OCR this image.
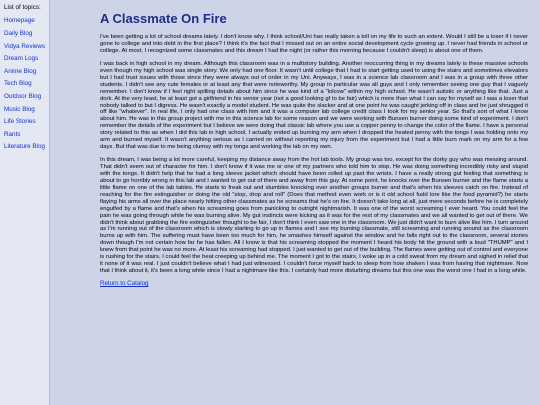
List of topics:
Homepage
Daily Blog
Vidya Reviews
Dream Logs
Anime Blog
Tech Blog
Outdoor Blog
Music Blog
Life Stories
Rants
Literature Blog
A Classmate On Fire

I've been getting a lot of school dreams lately. I don't know why. I think school/Uni has really taken a toll on my life to such an extent. Would I still be a loser if I never gone to college and into debt in the first place? I think it's the fact that I missed out on an entire social development cycle growing up. I never had friends in school or college. At most, I recognized some classmates and this dream I had the night (or rather this morning because I couldn't sleep) is about one of them.

I was back in high school in my dream. Although this classroom was in a multistory building. Another reoccurring thing in my dreams lately is these massive schools even though my high school was single story. We only had one floor. It wasn't until college that I had to start getting used to using the stairs and sometimes elevators but I had trust issues with those since they were always out of order in my Uni. Anyways, I was in a science lab classroom and I was in a group with three other students. I didn't see any cute females or at least any that were noteworthy. My group in particular was all guys and I only remember seeing one guy that I vaguely remember. I don't know if I feel right spilling details about him since he was kind of a "lolcow" within my high school. He wasn't autistic or anything like that. Just a dork. At the very least, he at least got a girlfriend in his senior year (not a good looking gf to be fair) which is more than what I can say for myself as I was a loser that nobody talked to but I digress. He wasn't exactly a model student. He was quite the slacker and at one point he was caught jerking off in class and he just shrugged it off like "whatever". In real life, I only had one class with him and it was a computer lab college credit class I took for my senior year. So that's sort of what I know about him. He was in this group project with me in this science lab for some reason and we were working with Bunsen burner doing some kind of experiment. I don't remember the details of the experiment but I believe we were doing that classic lab where you use a copper penny to change the color of the flame. I have a personal story related to this as when I did this lab in high school, I actually ended up burning my arm when I dropped the heated penny with the tongs I was holding onto my arm and burned myself. It wasn't anything serious as I carried on without reporting my injury from the experiment but I had a little burn mark on my arm for a few days. But that was due to me being clumsy with my tongs and working the lab on my own.

In this dream, I was being a lot more careful, keeping my distance away from the hot lab tools. My group was too, except for the dorky guy who was messing around. That didn't seem out of character for him. I don't know if it was me or one of my partners who told him to stop. He was doing something incredibly risky and stupid with the tongs. It didn't help that he had a long sleeve jacket which should have been rolled up past the wrists. I have a really strong gut feeling that something is about to go horribly wrong in this lab and I wanted to get out of there and away from this guy. At some point, he knocks over the Bunsen burner and the flame starts a little flame on one of the lab tables. He starts to freak out and stumbles knocking over another groups burner and that's when his sleeves catch on fire. Instead of reaching for the fire extinguisher or doing the old "stop, drop and roll" (Does that method even work or is it old school fudd lore like the food pyramid?) he starts flaying his arms all over the place nearly hitting other classmates as he screams that he's on fire. It doesn't take long at all, just mere seconds before he is completely engulfed by a flame and that's when his screaming goes from panicking to outright nightmarish. It was one of the worst screaming I ever heard. You could feel the pain he was going through while he was burning alive. My gut instincts were kicking as it was for the rest of my classmates and we all wanted to get out of there. We didn't think about grabbing the fire extinguisher thought to be fair, I don't think I even saw one in the classroom. We just didn't want to burn alive like him. I turn around as I'm running out of the classroom which is slowly starting to go up in flames and I see my burning classmate, still screaming and running around as the classroom burns up with him. The suffering must have been too much for him, he smashes himself against the window and he falls right out to the classroom, several stories down though I'm not certain how far he has fallen. All I know is that his screaming stopped the moment I heard his body hit the ground with a loud "THUMP" and I knew from that point he was no more. At least his screaming had stopped. I just wanted to get out of the building. The flames were getting out of control and everyone is rushing for the stairs. I could feel the heat creeping up behind me. The moment I got to the stairs, I woke up in a cold sweat from my dream and sighed in relief that it none of it was real. I just couldn't believe what I had just witnessed. I couldn't force myself back to sleep from how shaken I was from having that nightmare. Now that I think about it, it's been a long while since I had a nightmare like this. I certainly had more disturbing dreams but this one was the worst one I had in a long while.

Return to Catalog
